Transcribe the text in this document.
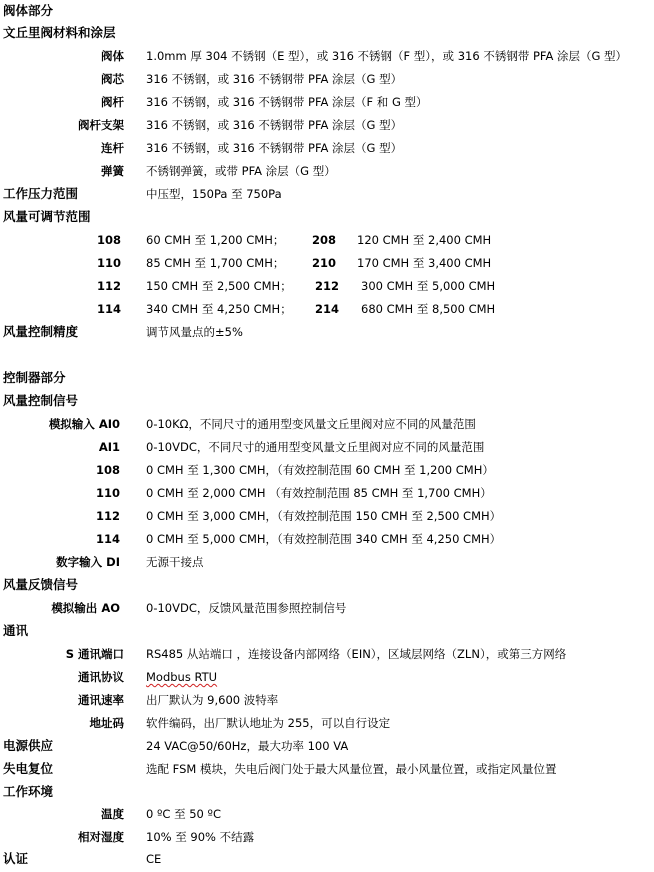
阀体部分
文丘里阀材料和涂层
阀体 1.0mm 厚 304 不锈钢（E 型），或 316 不锈钢（F 型），或 316 不锈钢带 PFA 涂层（G 型）
阀芯 316 不锈钢，或 316 不锈钢带 PFA 涂层（G 型）
阀杆 316 不锈钢，或 316 不锈钢带 PFA 涂层（F 和 G 型）
阀杆支架 316 不锈钢，或 316 不锈钢带 PFA 涂层（G 型）
连杆 316 不锈钢，或 316 不锈钢带 PFA 涂层（G 型）
弹簧 不锈钢弹簧，或带 PFA 涂层（G 型）
工作压力范围	中压型，150Pa 至 750Pa
风量可调节范围
108 60 CMH 至 1,200 CMH； 208 120 CMH 至 2,400 CMH
110 85 CMH 至 1,700 CMH； 210 170 CMH 至 3,400 CMH
112 150 CMH 至 2,500 CMH； 212 300 CMH 至 5,000 CMH
114 340 CMH 至 4,250 CMH； 214 680 CMH 至 8,500 CMH
风量控制精度	调节风量点的±5%
控制器部分
风量控制信号
模拟输入 AI0 0-10KΩ，不同尺寸的通用型变风量文丘里阀对应不同的风量范围
AI1 0-10VDC，不同尺寸的通用型变风量文丘里阀对应不同的风量范围
108 0 CMH 至 1,300 CMH，（有效控制范围 60 CMH 至 1,200 CMH）
110 0 CMH 至 2,000 CMH （有效控制范围 85 CMH 至 1,700 CMH）
112 0 CMH 至 3,000 CMH，（有效控制范围 150 CMH 至 2,500 CMH）
114 0 CMH 至 5,000 CMH，（有效控制范围 340 CMH 至 4,250 CMH）
数字输入 DI 无源干接点
风量反馈信号
模拟输出 AO 0-10VDC，反馈风量范围参照控制信号
通讯
S 通讯端口 RS485 从站端口 ，连接设备内部网络（EIN），区域层网络（ZLN），或第三方网络
通讯协议 Modbus RTU
通讯速率 出厂默认为 9,600 波特率
地址码 软件编码，出厂默认地址为 255，可以自行设定
电源供应	24 VAC@50/60Hz，最大功率 100 VA
失电复位	选配 FSM 模块，失电后阀门处于最大风量位置，最小风量位置，或指定风量位置
工作环境
温度 0 ºC 至 50 ºC
相对湿度 10% 至 90% 不结露
认证	CE
